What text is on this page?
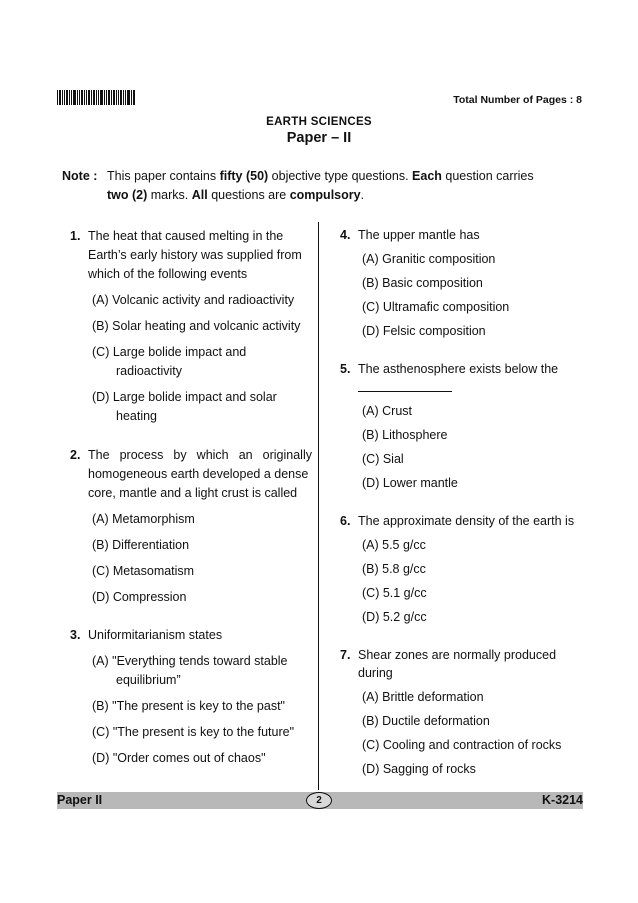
Total Number of Pages : 8
EARTH SCIENCES
Paper – II
Note : This paper contains fifty (50) objective type questions. Each question carries
two (2) marks. All questions are compulsory.
1. The heat that caused melting in the
Earth’s early history was supplied from
which of the following events
(A) Volcanic activity and radioactivity
(B) Solar heating and volcanic activity
(C) Large bolide impact and
radioactivity
(D) Large bolide impact and solar
heating
2. The process by which an originally
homogeneous earth developed a dense
core, mantle and a light crust is called
(A) Metamorphism
(B) Differentiation
(C) Metasomatism
(D) Compression
3. Uniformitarianism states
(A) "Everything tends toward stable
equilibrium”
(B) "The present is key to the past"
(C) "The present is key to the future"
(D) "Order comes out of chaos"
4. The upper mantle has
(A) Granitic composition
(B) Basic composition
(C) Ultramafic composition
(D) Felsic composition
5. The asthenosphere exists below the
(A) Crust
(B) Lithosphere
(C) Sial
(D) Lower mantle
6. The approximate density of the earth is
(A) 5.5 g/cc
(B) 5.8 g/cc
(C) 5.1 g/cc
(D) 5.2 g/cc
7. Shear zones are normally produced
during
(A) Brittle deformation
(B) Ductile deformation
(C) Cooling and contraction of rocks
(D) Sagging of rocks
Paper II	2	K-3214
